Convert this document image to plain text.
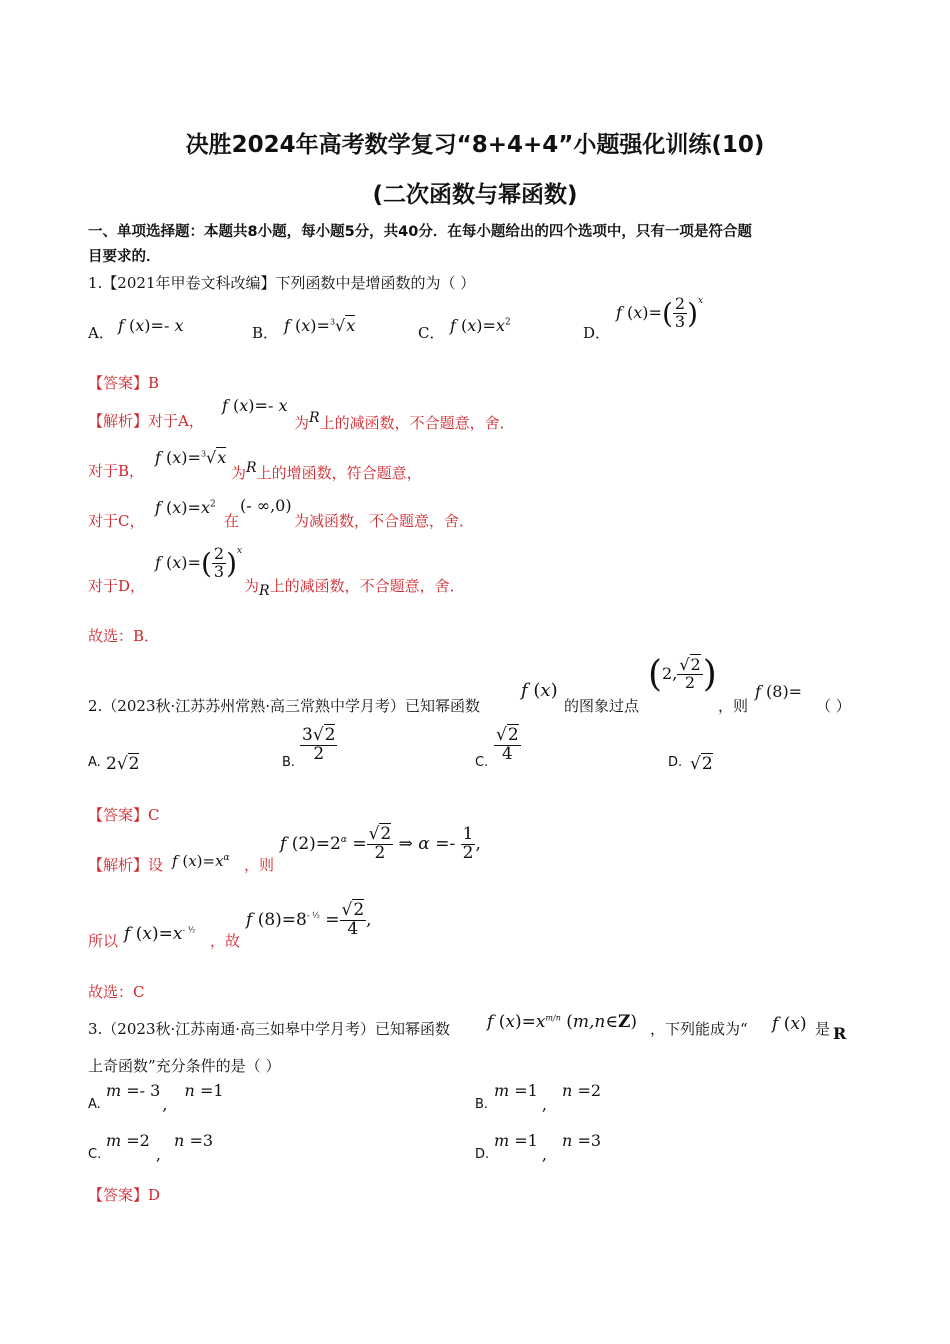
决胜2024年高考数学复习“8+4+4”小题强化训练(10)
(二次函数与幂函数)
一、单项选择题：本题共8小题，每小题5分，共40分．在每小题给出的四个选项中，只有一项是符合题
目要求的．
1.【2021年甲卷文科改编】下列函数中是增函数的为（ ）
A． f (x)=- x	B． f (x)=$^3$√x	C． f $(x)=x^2$
D．
f $(x)=( \frac{2}{3} )^x$
【答案】B
【解析】对于A，
f (x)=- x
为R上的减函数，不合题意，舍．
对于B，
f (x)=$^3$√x
为R上的增函数，符合题意，
对于C，
f $(x)=x^2$
在
(- ∞,0)
为减函数，不合题意，舍．
对于D，
f $(x)=( \frac{2}{3} )^x$
为R上的减函数，不合题意，舍．
故选：B．
2.（2023秋·江苏苏州常熟·高三常熟中学月考）已知幂函数
f (x)
的图象过点
(2, $\frac{√2}{2}$ )
，则
f (8)=
（ ）
A. 2√2	B. $\frac{3√2}{2}$	C. $\frac{√2}{4}$	D. √2
【答案】C
【解析】设 f $(x)=x^\alpha$ ，则
f $(2)=2^\alpha = \frac{√2}{2}$ ⇒ $\alpha =- \frac{1}{2}$ ,
所以 f $(x)=x^{- \frac{1}{2}}$
，故
f $(8)=8^{- \frac{1}{2}} = \frac{√2}{4}$ ,
故选：C
3.（2023秋·江苏南通·高三如皋中学月考）已知幂函数 f $(x)=x^{m/n}$ (m,n∈Z) ，下列能成为“ f (x) 是 R
上奇函数”充分条件的是（ ）
A.
m =- 3, n =1
B.
m =1, n =2
C.
m =2, n =3
D.
m =1, n =3
【答案】D
